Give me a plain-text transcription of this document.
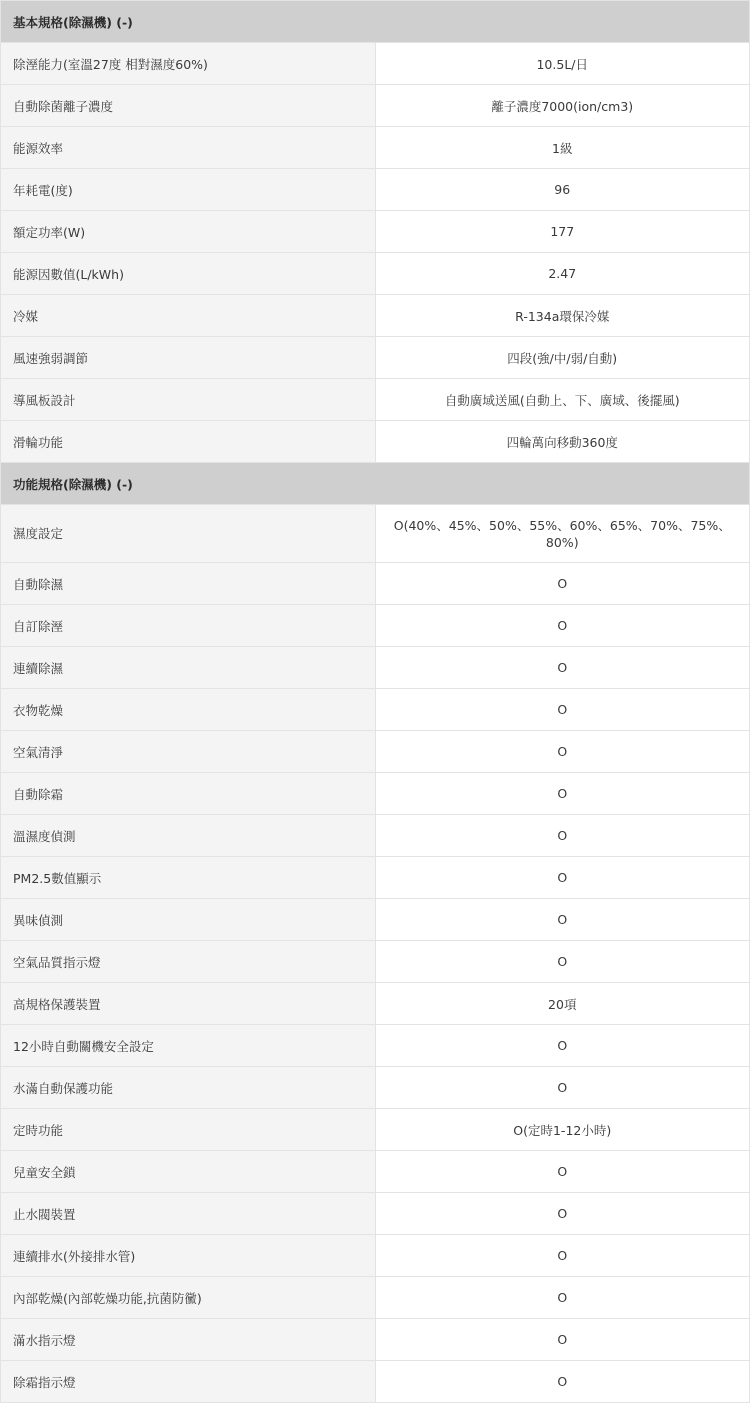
基本規格(除濕機) (-)	
除溼能力(室溫27度 相對濕度60%)	10.5L/日
自動除菌離子濃度	離子濃度7000(ion/cm3)
能源效率	1級
年耗電(度)	96
額定功率(W)	177
能源因數值(L/kWh)	2.47
冷媒	R-134a環保冷媒
風速強弱調節	四段(強/中/弱/自動)
導風板設計	自動廣域送風(自動上、下、廣域、後擺風)
滑輪功能	四輪萬向移動360度
功能規格(除濕機) (-)	
濕度設定	O(40%、45%、50%、55%、60%、65%、70%、75%、80%)
自動除濕	O
自訂除溼	O
連續除濕	O
衣物乾燥	O
空氣清淨	O
自動除霜	O
溫濕度偵測	O
PM2.5數值顯示	O
異味偵測	O
空氣品質指示燈	O
高規格保護裝置	20項
12小時自動關機安全設定	O
水滿自動保護功能	O
定時功能	O(定時1-12小時)
兒童安全鎖	O
止水閥裝置	O
連續排水(外接排水管)	O
內部乾燥(內部乾燥功能,抗菌防黴)	O
滿水指示燈	O
除霜指示燈	O
